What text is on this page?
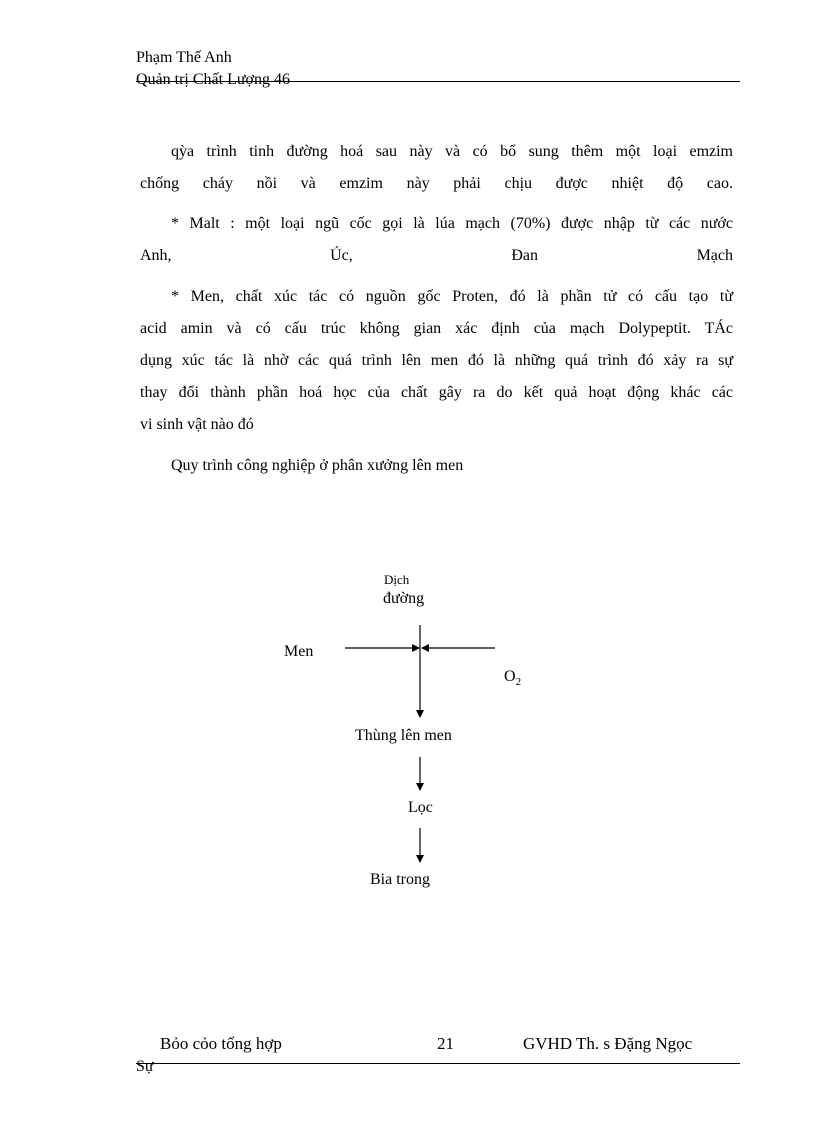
Phạm Thế Anh
Quản trị Chất Lượng 46
qỳa trình tinh đường hoá sau này và có bổ sung thêm một loại emzim
chống cháy nồi và emzim này phải chịu được nhiệt độ cao.
* Malt : một loại ngũ cốc gọi là lúa mạch (70%) được nhập từ các nước
Anh,	Úc,	Đan	Mạch
* Men, chất xúc tác có nguồn gốc Proten, đó là phần tử có cấu tạo từ
acid amin và có cấu trúc không gian xác định của mạch Dolypeptit. TÁc
dụng xúc tác là nhờ các quá trình lên men đó là những quá trình đó xảy ra sự
thay đổi thành phần hoá học của chất gây ra do kết quả hoạt động khác các
vi sinh vật nào đó
Quy trình công nghiệp ở phân xưởng lên men
Dịch
đường
Men
$O_2$
Thùng lên men
Lọc
Bia trong
Bỏo cỏo tổng hợp	21	GVHD Th. s Đặng Ngọc
Sự
